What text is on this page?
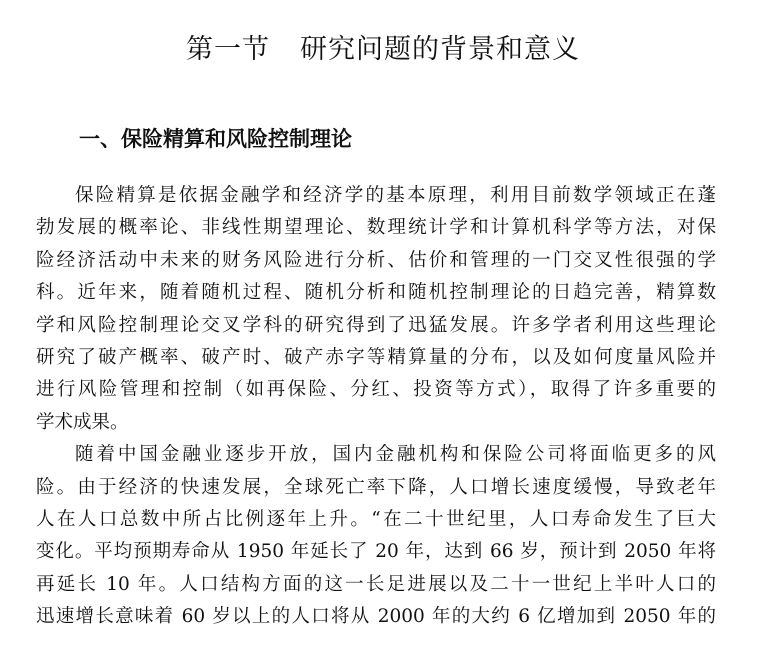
第一节 研究问题的背景和意义
一、保险精算和风险控制理论
保险精算是依据金融学和经济学的基本原理，利用目前数学领域正在蓬
勃发展的概率论、非线性期望理论、数理统计学和计算机科学等方法，对保
险经济活动中未来的财务风险进行分析、估价和管理的一门交叉性很强的学
科。近年来，随着随机过程、随机分析和随机控制理论的日趋完善，精算数
学和风险控制理论交叉学科的研究得到了迅猛发展。许多学者利用这些理论
研究了破产概率、破产时、破产赤字等精算量的分布，以及如何度量风险并
进行风险管理和控制（如再保险、分红、投资等方式），取得了许多重要的
学术成果。
随着中国金融业逐步开放，国内金融机构和保险公司将面临更多的风
险。由于经济的快速发展，全球死亡率下降，人口增长速度缓慢，导致老年
人在人口总数中所占比例逐年上升。“在二十世纪里，人口寿命发生了巨大
变化。平均预期寿命从 1950 年延长了 20 年，达到 66 岁，预计到 2050 年将
再延长 10 年。人口结构方面的这一长足进展以及二十一世纪上半叶人口的
迅速增长意味着 60 岁以上的人口将从 2000 年的大约 6 亿增加到 2050 年的
